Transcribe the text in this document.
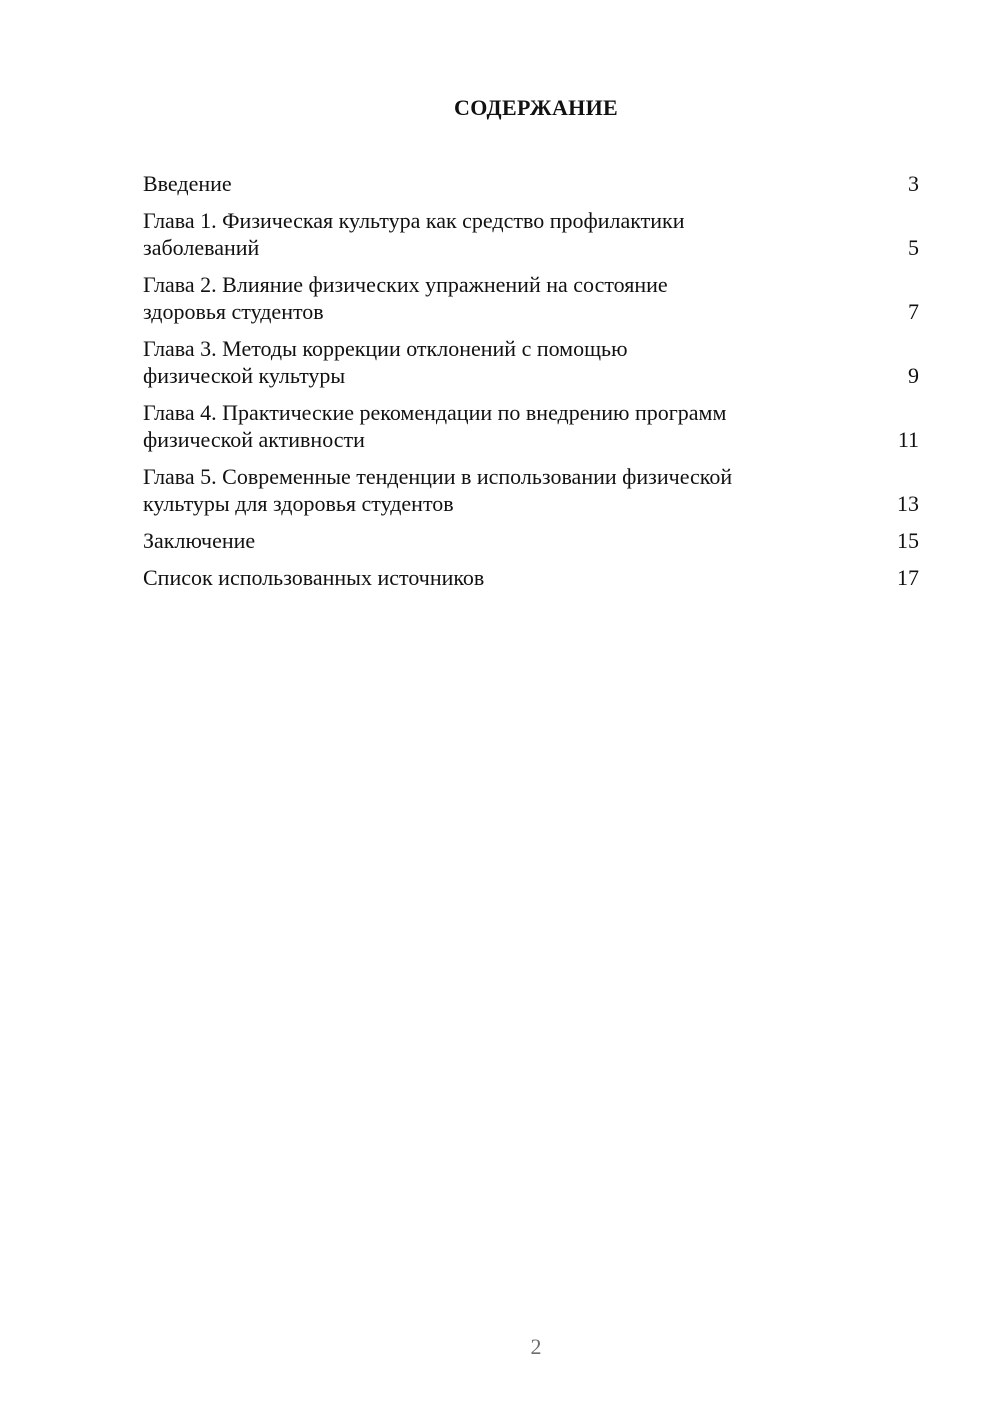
СОДЕРЖАНИЕ
Введение	3
Глава 1. Физическая культура как средство профилактики
заболеваний	5
Глава 2. Влияние физических упражнений на состояние
здоровья студентов	7
Глава 3. Методы коррекции отклонений с помощью
физической культуры	9
Глава 4. Практические рекомендации по внедрению программ
физической активности	11
Глава 5. Современные тенденции в использовании физической
культуры для здоровья студентов	13
Заключение	15
Список использованных источников	17
2
